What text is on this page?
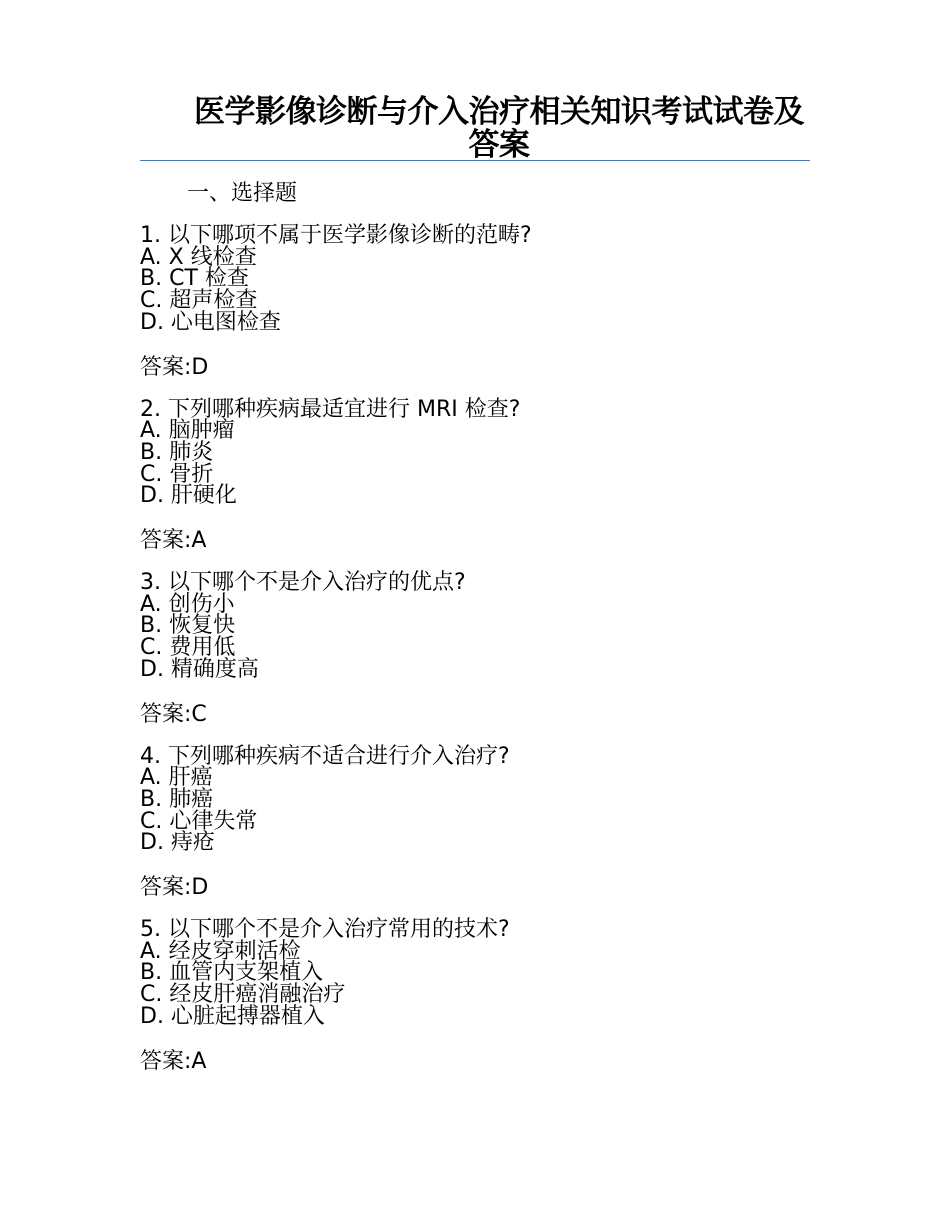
医学影像诊断与介入治疗相关知识考试试卷及答案
一、选择题
1. 以下哪项不属于医学影像诊断的范畴?
A. X 线检查
B. CT 检查
C. 超声检查
D. 心电图检查
答案:D
2. 下列哪种疾病最适宜进行 MRI 检查?
A. 脑肿瘤
B. 肺炎
C. 骨折
D. 肝硬化
答案:A
3. 以下哪个不是介入治疗的优点?
A. 创伤小
B. 恢复快
C. 费用低
D. 精确度高
答案:C
4. 下列哪种疾病不适合进行介入治疗?
A. 肝癌
B. 肺癌
C. 心律失常
D. 痔疮
答案:D
5. 以下哪个不是介入治疗常用的技术?
A. 经皮穿刺活检
B. 血管内支架植入
C. 经皮肝癌消融治疗
D. 心脏起搏器植入
答案:A
